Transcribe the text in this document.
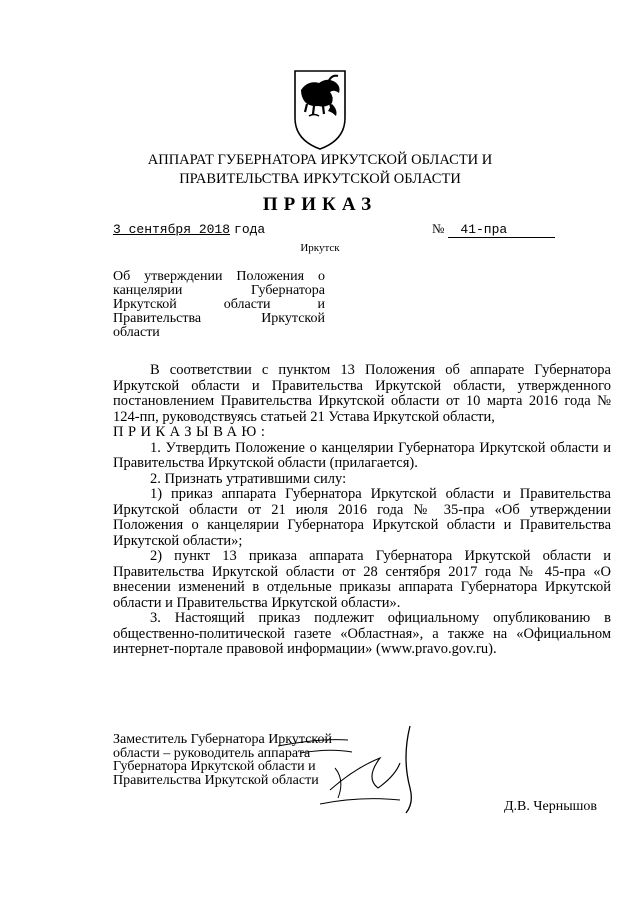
АППАРАТ ГУБЕРНАТОРА ИРКУТСКОЙ ОБЛАСТИ И
ПРАВИТЕЛЬСТВА ИРКУТСКОЙ ОБЛАСТИ
ПРИКАЗ
3 сентября 2018 года	№ 41-пра
Иркутск
Об утверждении Положения о
канцелярии Губернатора
Иркутской области и
Правительства Иркутской
области

В соответствии с пунктом 13 Положения об аппарате Губернатора Иркутской области и Правительства Иркутской области, утвержденного постановлением Правительства Иркутской области от 10 марта 2016 года № 124-пп, руководствуясь статьей 21 Устава Иркутской области,

ПРИКАЗЫВАЮ:

1. Утвердить Положение о канцелярии Губернатора Иркутской области и Правительства Иркутской области (прилагается).

2. Признать утратившими силу:

1) приказ аппарата Губернатора Иркутской области и Правительства Иркутской области от 21 июля 2016 года № 35-пра «Об утверждении Положения о канцелярии Губернатора Иркутской области и Правительства Иркутской области»;

2) пункт 13 приказа аппарата Губернатора Иркутской области и Правительства Иркутской области от 28 сентября 2017 года № 45-пра «О внесении изменений в отдельные приказы аппарата Губернатора Иркутской области и Правительства Иркутской области».

3. Настоящий приказ подлежит официальному опубликованию в общественно-политической газете «Областная», а также на «Официальном интернет-портале правовой информации» (www.pravo.gov.ru).

Заместитель Губернатора Иркутской
области – руководитель аппарата
Губернатора Иркутской области и
Правительства Иркутской области
Д.В. Чернышов
